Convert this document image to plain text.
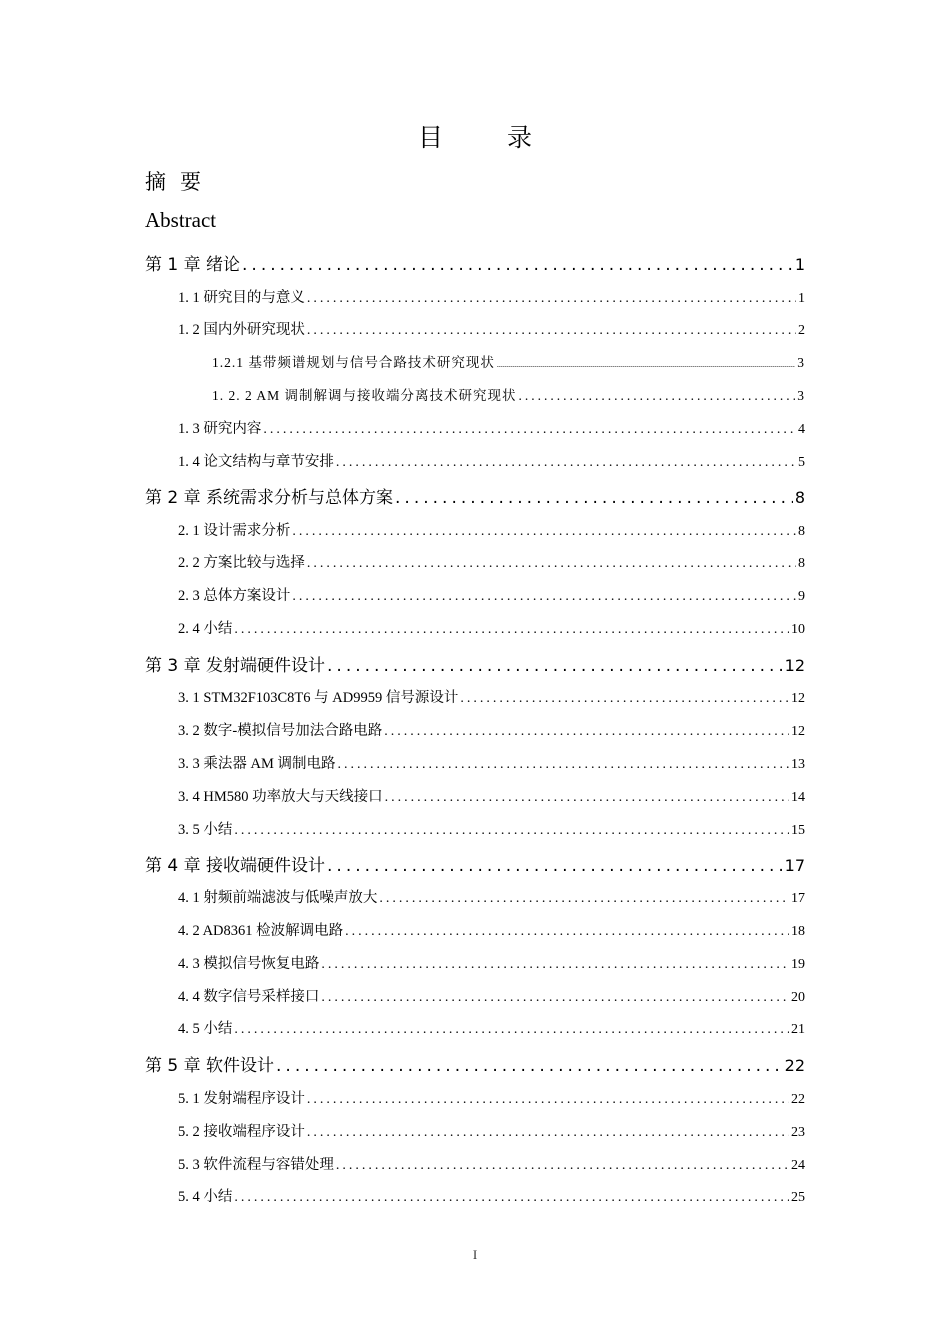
目 录
摘要
Abstract
第 1 章 绪论 .....	1
1. 1 研究目的与意义 .....	1
1. 2 国内外研究现状 .....	2
1.2.1 基带频谱规划与信号合路技术研究现状 .....	3
1. 2. 2 AM 调制解调与接收端分离技术研究现状 .....	3
1. 3 研究内容 .....	4
1. 4 论文结构与章节安排 .....	5
第 2 章 系统需求分析与总体方案 .....	8
2. 1 设计需求分析 .....	8
2. 2 方案比较与选择 .....	8
2. 3 总体方案设计 .....	9
2. 4 小结 .....	10
第 3 章 发射端硬件设计 .....	12
3. 1 STM32F103C8T6 与 AD9959 信号源设计 .....	12
3. 2 数字-模拟信号加法合路电路 .....	12
3. 3 乘法器 AM 调制电路 .....	13
3. 4 HM580 功率放大与天线接口 .....	14
3. 5 小结 .....	15
第 4 章 接收端硬件设计 .....	17
4. 1 射频前端滤波与低噪声放大 .....	17
4. 2 AD8361 检波解调电路 .....	18
4. 3 模拟信号恢复电路 .....	19
4. 4 数字信号采样接口 .....	20
4. 5 小结 .....	21
第 5 章 软件设计 .....	22
5. 1 发射端程序设计 .....	22
5. 2 接收端程序设计 .....	23
5. 3 软件流程与容错处理 .....	24
5. 4 小结 .....	25
I
